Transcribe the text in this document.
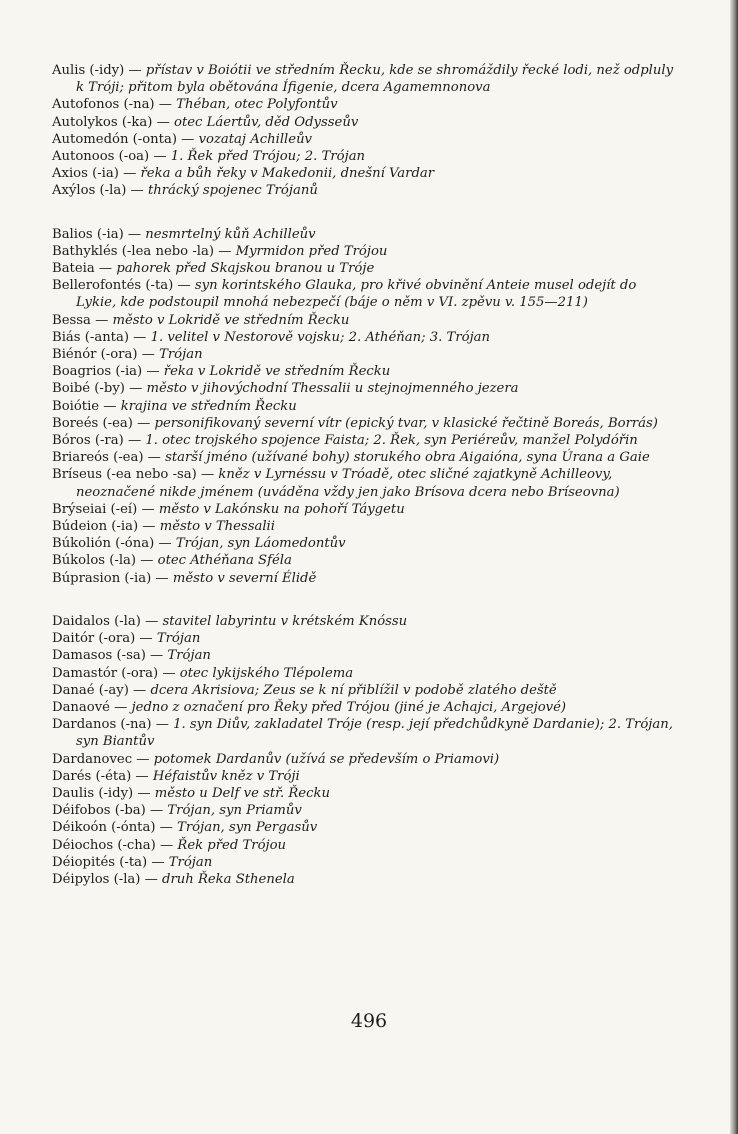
Aulis (-idy) — přístav v Boiótii ve středním Řecku, kde se shromáždily řecké lodi, než odpluly k Tróji; přitom byla obětována Ífigenie, dcera Agamemnonova
Autofonos (-na) — Théban, otec Polyfontův
Autolykos (-ka) — otec Láertův, děd Odysseův
Automedón (-onta) — vozataj Achilleův
Autonoos (-oa) — 1. Řek před Trójou; 2. Trójan
Axios (-ia) — řeka a bůh řeky v Makedonii, dnešní Vardar
Axýlos (-la) — thrácký spojenec Trójanů
Balios (-ia) — nesmrtelný kůň Achilleův
Bathyklés (-lea nebo -la) — Myrmidon před Trójou
Bateia — pahorek před Skajskou branou u Tróje
Bellerofontés (-ta) — syn korintského Glauka, pro křivé obvinění Anteie musel odejít do Lykie, kde podstoupil mnohá nebezpečí (báje o něm v VI. zpěvu v. 155—211)
Bessa — město v Lokridě ve středním Řecku
Biás (-anta) — 1. velitel v Nestorově vojsku; 2. Athéňan; 3. Trójan
Biénór (-ora) — Trójan
Boagrios (-ia) — řeka v Lokridě ve středním Řecku
Boibé (-by) — město v jihovýchodní Thessalii u stejnojmenného jezera
Boiótie — krajina ve středním Řecku
Boreés (-ea) — personifikovaný severní vítr (epický tvar, v klasické řečtině Boreás, Borrás)
Bóros (-ra) — 1. otec trojského spojence Faista; 2. Řek, syn Periéreův, manžel Polydóřin
Briareós (-ea) — starší jméno (užívané bohy) storukého obra Aigaióna, syna Úrana a Gaie
Bríseus (-ea nebo -sa) — kněz v Lyrnéssu v Tróadě, otec sličné zajatkyně Achilleovy, neoznačené nikde jménem (uváděna vždy jen jako Brísova dcera nebo Bríseovna)
Brýseiai (-eí) — město v Lakónsku na pohoří Táygetu
Búdeion (-ia) — město v Thessalii
Búkolión (-óna) — Trójan, syn Láomedontův
Búkolos (-la) — otec Athéňana Sféla
Búprasion (-ia) — město v severní Élidě
Daidalos (-la) — stavitel labyrintu v krétském Knóssu
Daitór (-ora) — Trójan
Damasos (-sa) — Trójan
Damastór (-ora) — otec lykijského Tlépolema
Danaé (-ay) — dcera Akrisiova; Zeus se k ní přiblížil v podobě zlatého deště
Danaové — jedno z označení pro Řeky před Trójou (jiné je Achajci, Argejové)
Dardanos (-na) — 1. syn Diův, zakladatel Tróje (resp. její předchůdkyně Dardanie); 2. Trójan, syn Biantův
Dardanovec — potomek Dardanův (užívá se především o Priamovi)
Darés (-éta) — Héfaistův kněz v Tróji
Daulis (-idy) — město u Delf ve stř. Řecku
Déifobos (-ba) — Trójan, syn Priamův
Déikoón (-ónta) — Trójan, syn Pergasův
Déiochos (-cha) — Řek před Trójou
Déiopités (-ta) — Trójan
Déipylos (-la) — druh Řeka Sthenela
496
